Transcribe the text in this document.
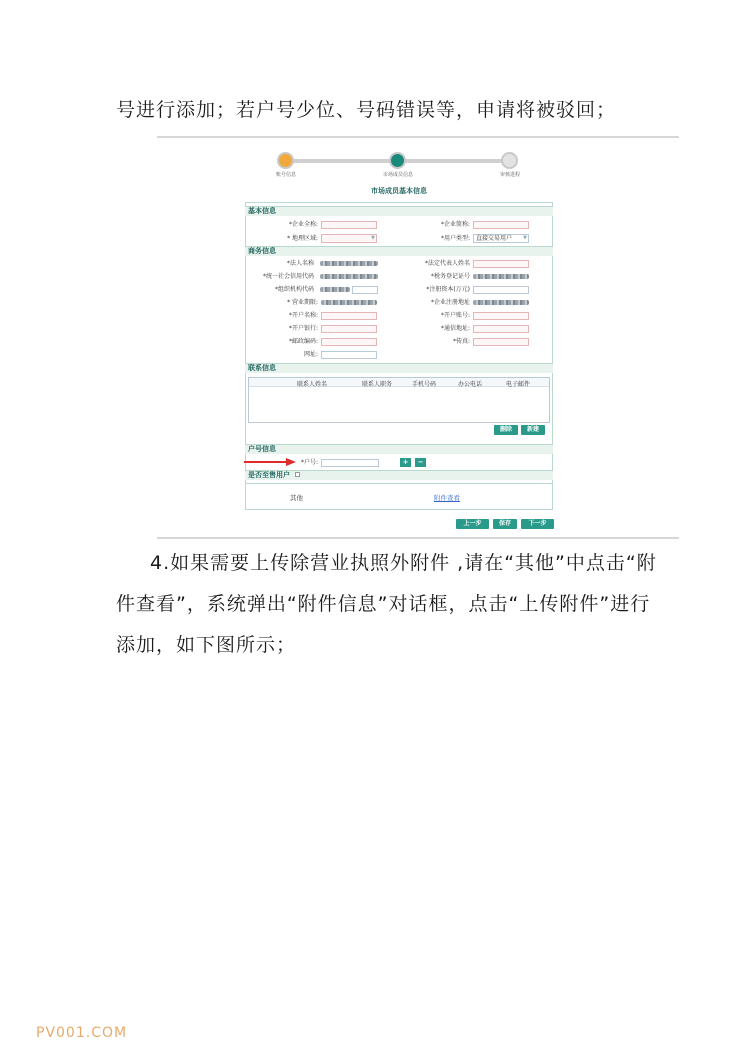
号进行添加；若户号少位、号码错误等，申请将被驳回；
账号信息	市场成员信息	审核进程
市场成员基本信息
基本信息
*企业全称:	*企业简称:
* 地理区域:	▼	*用户类型:	直接交易用户 ▼
商务信息
*法人名称	*法定代表人姓名
*统一社会信用代码	*税务登记证号
*组织机构代码	*注册资本(万元)
* 营业期限:	*企业注册地址
*开户名称:	*开户账号:
*开户银行:	*通信地址:
*邮政编码:	*传真:
网址:
联系信息
联系人姓名	联系人职务	手机号码	办公电话	电子邮件
删除	新建
户号信息
*户号:	+	−
是否至售用户
其他	附件查看
上一步	保存	下一步
4.如果需要上传除营业执照外附件 ,请在“其他”中点击“附
件查看”，系统弹出“附件信息”对话框，点击“上传附件”进行
添加，如下图所示；
PV001.COM
